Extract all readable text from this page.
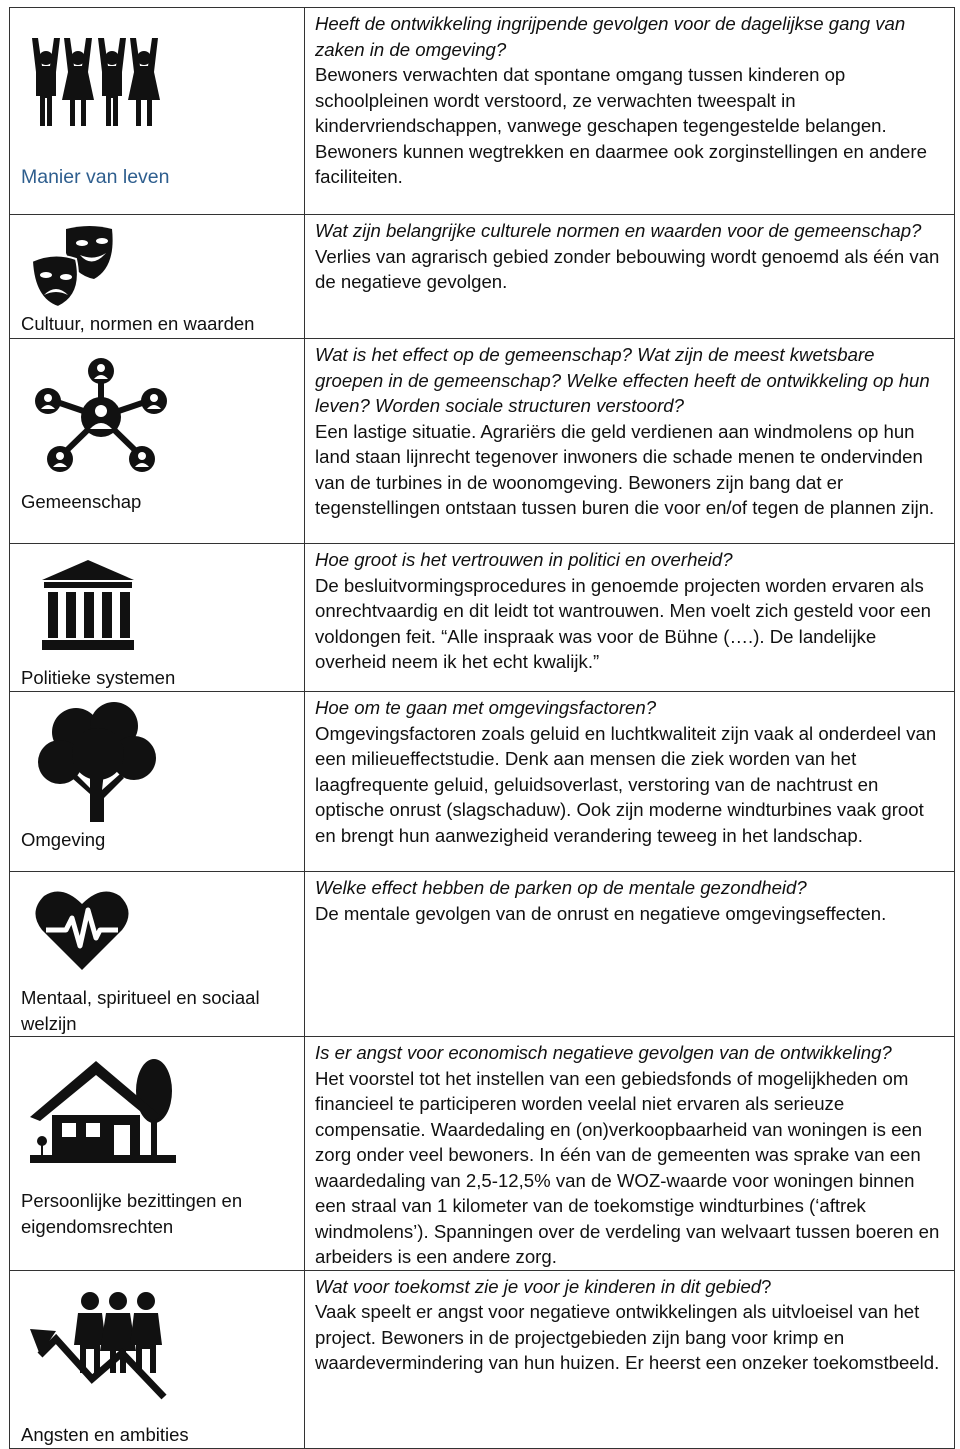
Manier van leven	Heeft de ontwikkeling ingrijpende gevolgen voor de dagelijkse gang van zaken in de omgeving?
Bewoners verwachten dat spontane omgang tussen kinderen op schoolpleinen wordt verstoord, ze verwachten tweespalt in kindervriendschappen, vanwege geschapen tegengestelde belangen. Bewoners kunnen wegtrekken en daarmee ook zorginstellingen en andere faciliteiten.

Cultuur, normen en waarden	Wat zijn belangrijke culturele normen en waarden voor de gemeenschap?
Verlies van agrarisch gebied zonder bebouwing wordt genoemd als één van de negatieve gevolgen.

Gemeenschap	Wat is het effect op de gemeenschap? Wat zijn de meest kwetsbare groepen in de gemeenschap? Welke effecten heeft de ontwikkeling op hun leven? Worden sociale structuren verstoord?
Een lastige situatie. Agrariërs die geld verdienen aan windmolens op hun land staan lijnrecht tegenover inwoners die schade menen te ondervinden van de turbines in de woonomgeving. Bewoners zijn bang dat er tegenstellingen ontstaan tussen buren die voor en/of tegen de plannen zijn.

Politieke systemen	Hoe groot is het vertrouwen in politici en overheid?
De besluitvormingsprocedures in genoemde projecten worden ervaren als onrechtvaardig en dit leidt tot wantrouwen. Men voelt zich gesteld voor een voldongen feit. “Alle inspraak was voor de Bühne (….). De landelijke overheid neem ik het echt kwalijk.”

Omgeving	Hoe om te gaan met omgevingsfactoren?
Omgevingsfactoren zoals geluid en luchtkwaliteit zijn vaak al onderdeel van een milieueffectstudie. Denk aan mensen die ziek worden van het laagfrequente geluid, geluidsoverlast, verstoring van de nachtrust en optische onrust (slagschaduw). Ook zijn moderne windturbines vaak groot en brengt hun aanwezigheid verandering teweeg in het landschap.

Mentaal, spiritueel en sociaal welzijn	Welke effect hebben de parken op de mentale gezondheid?
De mentale gevolgen van de onrust en negatieve omgevingseffecten.

Persoonlijke bezittingen en eigendomsrechten	Is er angst voor economisch negatieve gevolgen van de ontwikkeling?
Het voorstel tot het instellen van een gebiedsfonds of mogelijkheden om financieel te participeren worden veelal niet ervaren als serieuze compensatie. Waardedaling en (on)verkoopbaarheid van woningen is een zorg onder veel bewoners. In één van de gemeenten was sprake van een waardedaling van 2,5-12,5% van de WOZ-waarde voor woningen binnen een straal van 1 kilometer van de toekomstige windturbines (‘aftrek windmolens’). Spanningen over de verdeling van welvaart tussen boeren en arbeiders is een andere zorg.

Angsten en ambities	Wat voor toekomst zie je voor je kinderen in dit gebied?
Vaak speelt er angst voor negatieve ontwikkelingen als uitvloeisel van het project. Bewoners in de projectgebieden zijn bang voor krimp en waardevermindering van hun huizen. Er heerst een onzeker toekomstbeeld.
